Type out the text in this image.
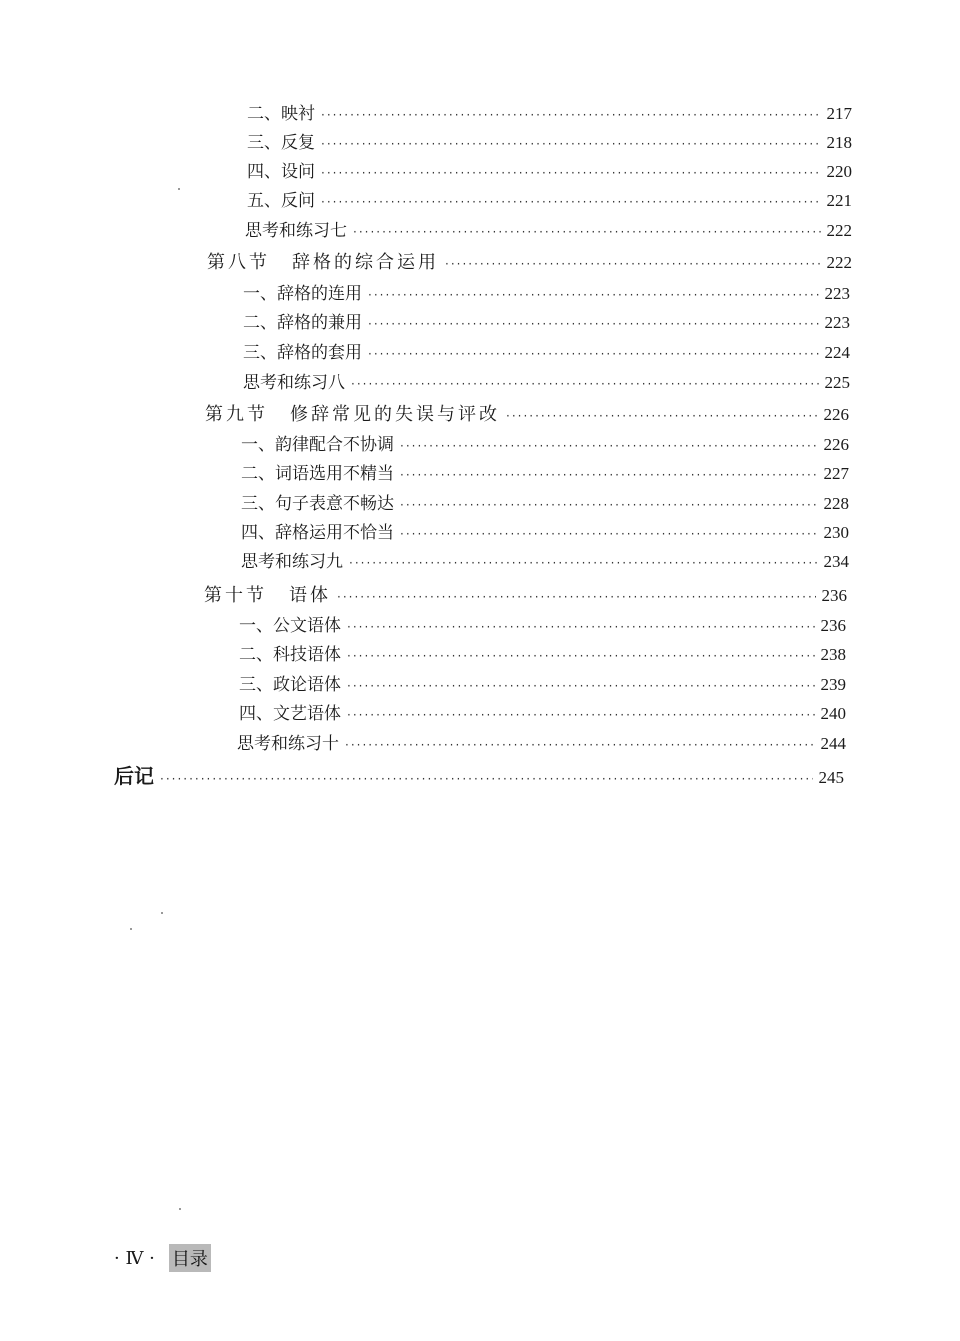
二、映衬 ·····	217
三、反复 ·····	218
四、设问 ·····	220
五、反问 ·····	221
思考和练习七 ·····	222
第八节 辞格的综合运用 ·····	222
一、辞格的连用 ·····	223
二、辞格的兼用 ·····	223
三、辞格的套用 ·····	224
思考和练习八 ·····	225
第九节 修辞常见的失误与评改 ·····	226
一、韵律配合不协调 ·····	226
二、词语选用不精当 ·····	227
三、句子表意不畅达 ·····	228
四、辞格运用不恰当 ·····	230
思考和练习九 ·····	234
第十节 语体 ·····	236
一、公文语体 ·····	236
二、科技语体 ·····	238
三、政论语体 ·····	239
四、文艺语体 ·····	240
思考和练习十 ·····	244
后记 ·····	245
· Ⅳ · 目录
